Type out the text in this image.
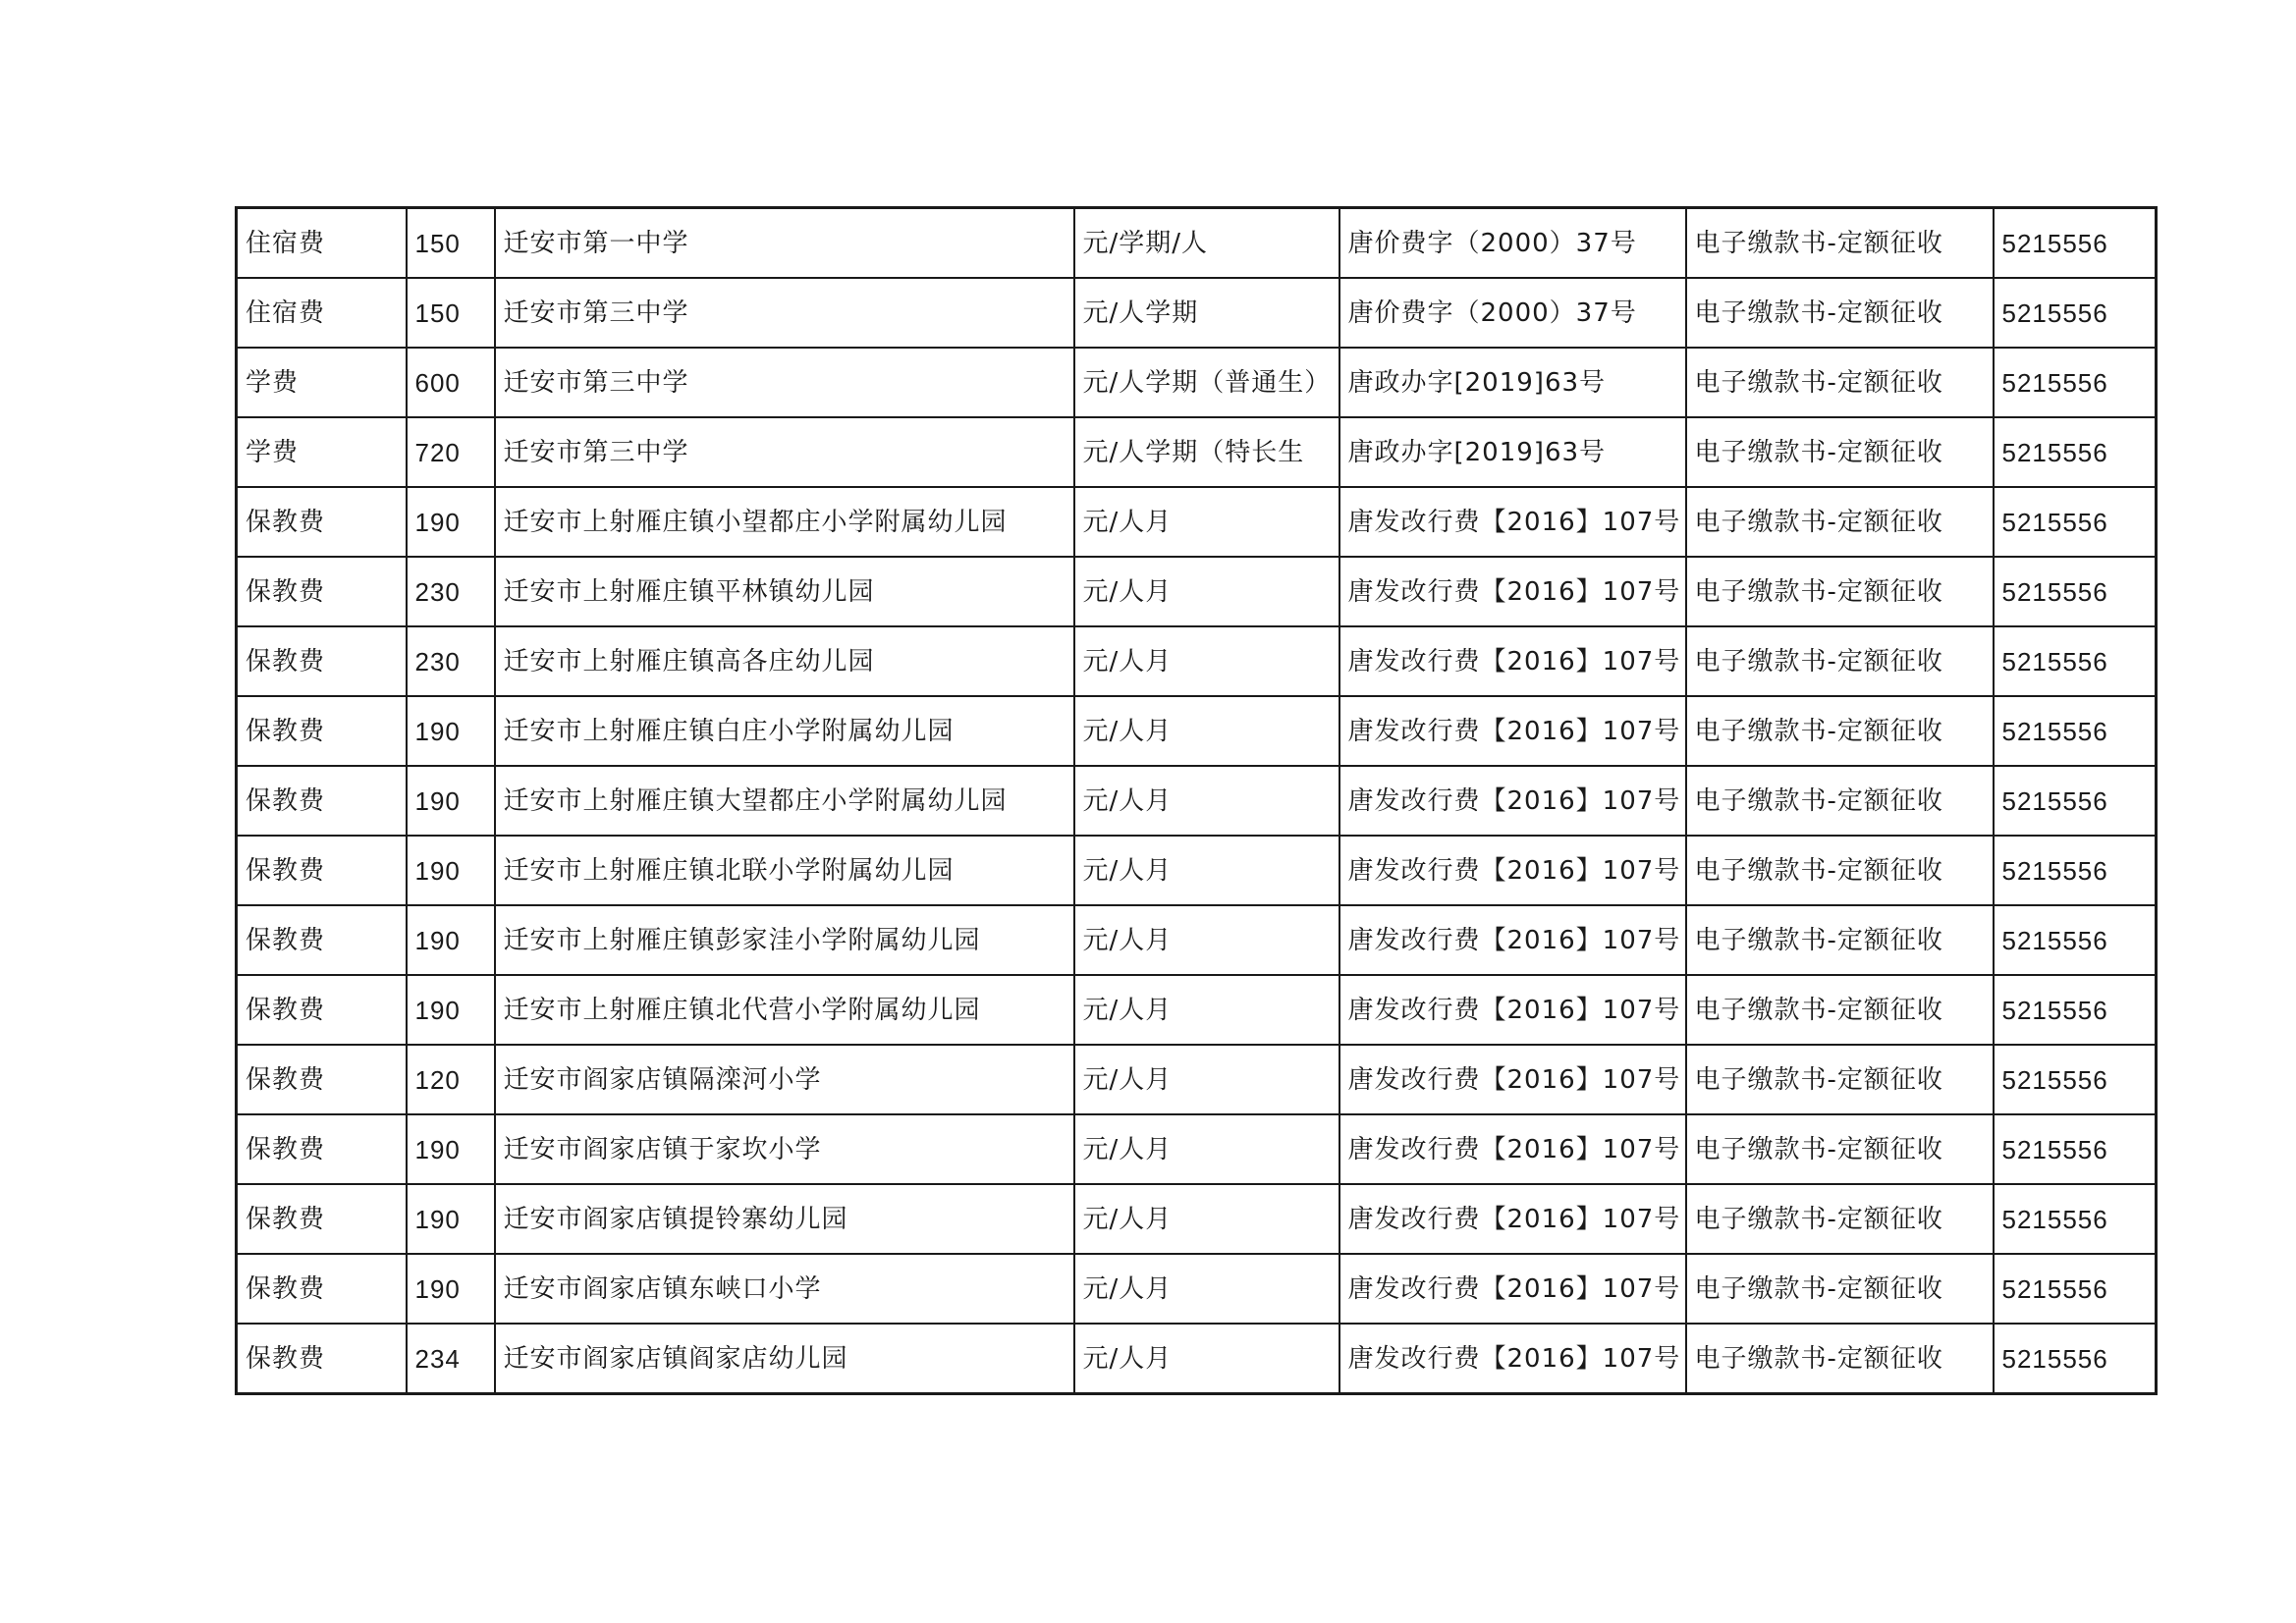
住宿费	150	迁安市第一中学	元/学期/人	唐价费字（2000）37号	电子缴款书-定额征收	5215556
住宿费	150	迁安市第三中学	元/人学期	唐价费字（2000）37号	电子缴款书-定额征收	5215556
学费	600	迁安市第三中学	元/人学期（普通生）	唐政办字[2019]63号	电子缴款书-定额征收	5215556
学费	720	迁安市第三中学	元/人学期（特长生	唐政办字[2019]63号	电子缴款书-定额征收	5215556
保教费	190	迁安市上射雁庄镇小望都庄小学附属幼儿园	元/人月	唐发改行费【2016】107号	电子缴款书-定额征收	5215556
保教费	230	迁安市上射雁庄镇平林镇幼儿园	元/人月	唐发改行费【2016】107号	电子缴款书-定额征收	5215556
保教费	230	迁安市上射雁庄镇高各庄幼儿园	元/人月	唐发改行费【2016】107号	电子缴款书-定额征收	5215556
保教费	190	迁安市上射雁庄镇白庄小学附属幼儿园	元/人月	唐发改行费【2016】107号	电子缴款书-定额征收	5215556
保教费	190	迁安市上射雁庄镇大望都庄小学附属幼儿园	元/人月	唐发改行费【2016】107号	电子缴款书-定额征收	5215556
保教费	190	迁安市上射雁庄镇北联小学附属幼儿园	元/人月	唐发改行费【2016】107号	电子缴款书-定额征收	5215556
保教费	190	迁安市上射雁庄镇彭家洼小学附属幼儿园	元/人月	唐发改行费【2016】107号	电子缴款书-定额征收	5215556
保教费	190	迁安市上射雁庄镇北代营小学附属幼儿园	元/人月	唐发改行费【2016】107号	电子缴款书-定额征收	5215556
保教费	120	迁安市阎家店镇隔滦河小学	元/人月	唐发改行费【2016】107号	电子缴款书-定额征收	5215556
保教费	190	迁安市阎家店镇于家坎小学	元/人月	唐发改行费【2016】107号	电子缴款书-定额征收	5215556
保教费	190	迁安市阎家店镇提铃寨幼儿园	元/人月	唐发改行费【2016】107号	电子缴款书-定额征收	5215556
保教费	190	迁安市阎家店镇东峡口小学	元/人月	唐发改行费【2016】107号	电子缴款书-定额征收	5215556
保教费	234	迁安市阎家店镇阎家店幼儿园	元/人月	唐发改行费【2016】107号	电子缴款书-定额征收	5215556
